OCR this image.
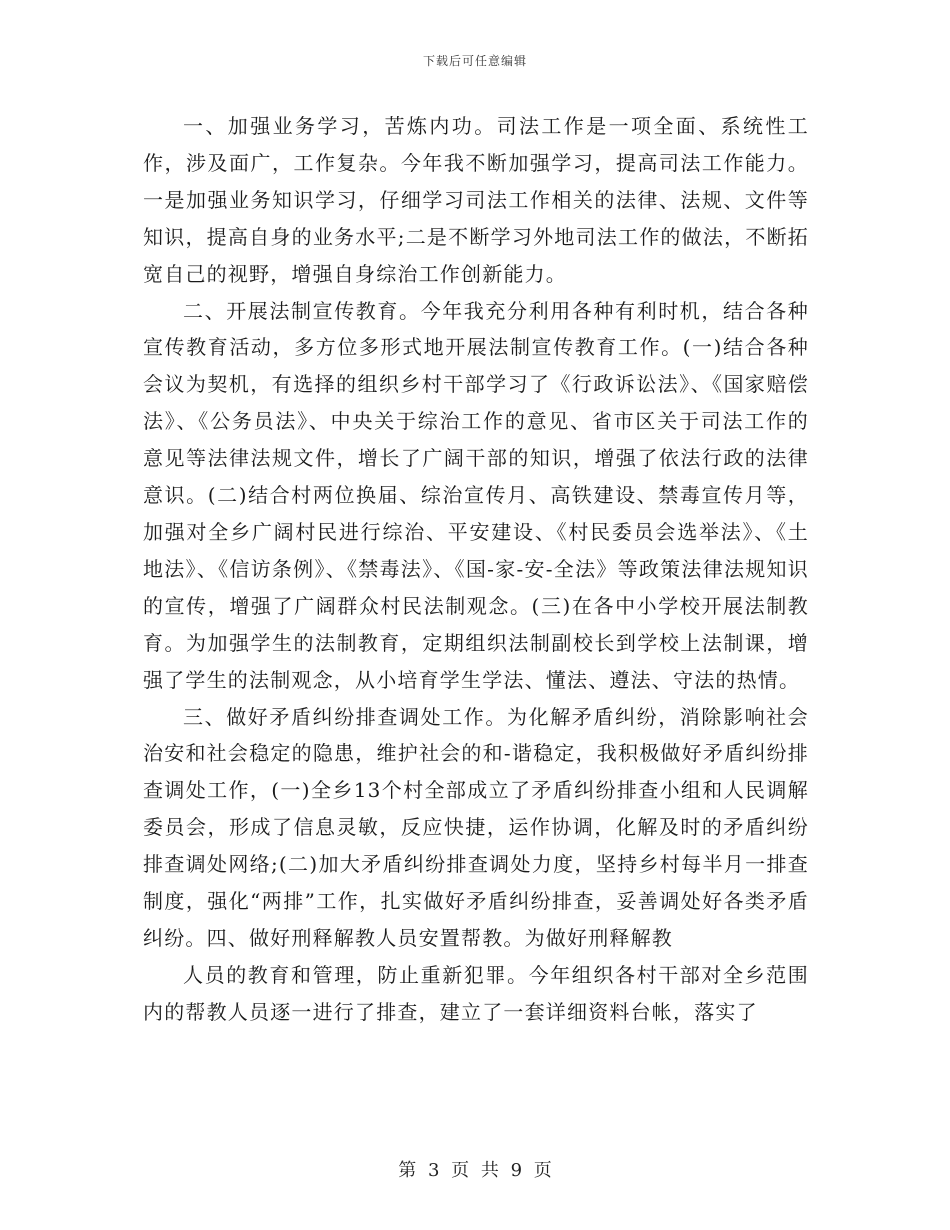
下载后可任意编辑

一、加强业务学习，苦炼内功。司法工作是一项全面、系统性工作，涉及面广，工作复杂。今年我不断加强学习，提高司法工作能力。一是加强业务知识学习，仔细学习司法工作相关的法律、法规、文件等知识，提高自身的业务水平;二是不断学习外地司法工作的做法，不断拓宽自己的视野，增强自身综治工作创新能力。

二、开展法制宣传教育。今年我充分利用各种有利时机，结合各种宣传教育活动，多方位多形式地开展法制宣传教育工作。(一)结合各种会议为契机，有选择的组织乡村干部学习了《行政诉讼法》、《国家赔偿法》、《公务员法》、中央关于综治工作的意见、省市区关于司法工作的意见等法律法规文件，增长了广阔干部的知识，增强了依法行政的法律意识。(二)结合村两位换届、综治宣传月、高铁建设、禁毒宣传月等，加强对全乡广阔村民进行综治、平安建设、《村民委员会选举法》、《土地法》、《信访条例》、《禁毒法》、《国-家-安-全法》等政策法律法规知识的宣传，增强了广阔群众村民法制观念。(三)在各中小学校开展法制教育。为加强学生的法制教育，定期组织法制副校长到学校上法制课，增强了学生的法制观念，从小培育学生学法、懂法、遵法、守法的热情。

三、做好矛盾纠纷排查调处工作。为化解矛盾纠纷，消除影响社会治安和社会稳定的隐患，维护社会的和-谐稳定，我积极做好矛盾纠纷排查调处工作，(一)全乡13个村全部成立了矛盾纠纷排查小组和人民调解委员会，形成了信息灵敏，反应快捷，运作协调，化解及时的矛盾纠纷排查调处网络;(二)加大矛盾纠纷排查调处力度，坚持乡村每半月一排查制度，强化“两排”工作，扎实做好矛盾纠纷排查，妥善调处好各类矛盾纠纷。四、做好刑释解教人员安置帮教。为做好刑释解教

人员的教育和管理，防止重新犯罪。今年组织各村干部对全乡范围内的帮教人员逐一进行了排查，建立了一套详细资料台帐，落实了

第 3 页 共 9 页
